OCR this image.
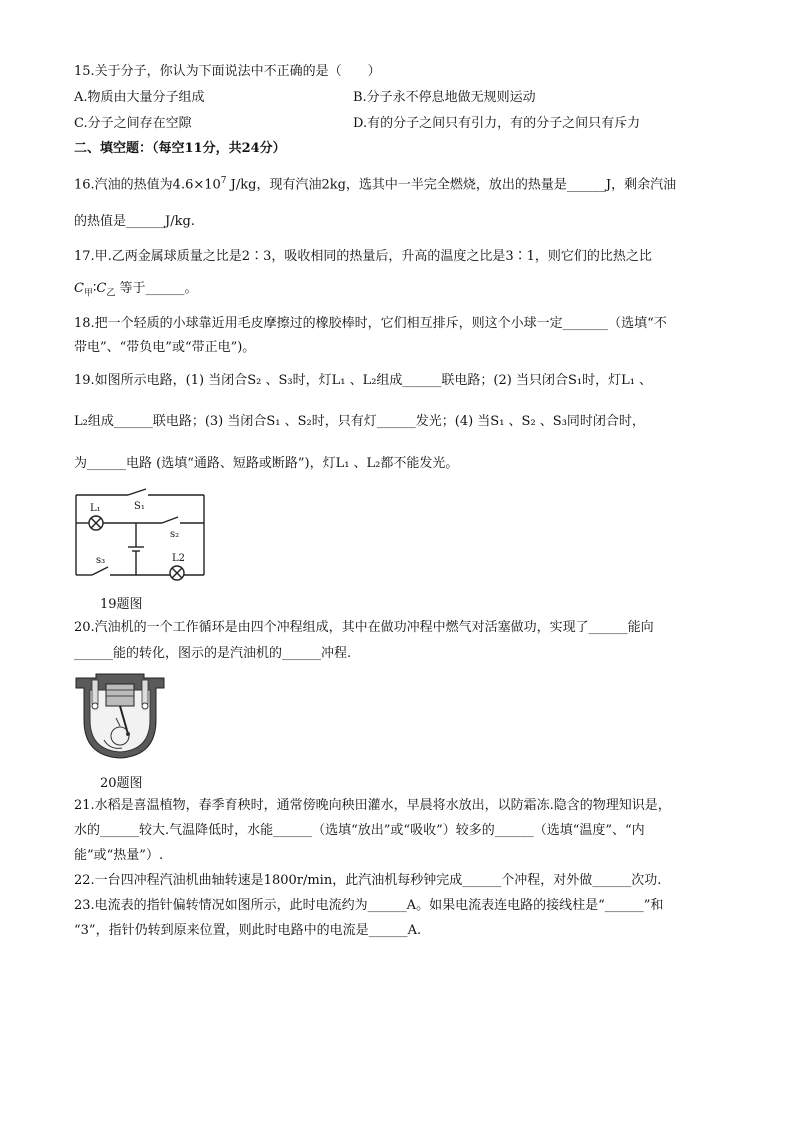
15.关于分子，你认为下面说法中不正确的是（　　）
A.物质由大量分子组成	B.分子永不停息地做无规则运动
C.分子之间存在空隙	D.有的分子之间只有引力，有的分子之间只有斥力
二、填空题：（每空11分，共24分）
16.汽油的热值为$4.6\times 10^7$ J/kg，现有汽油2kg，选其中一半完全燃烧，放出的热量是______J，剩余汽油
的热值是______J/kg.
17.甲.乙两金属球质量之比是2∶3，吸收相同的热量后，升高的温度之比是3∶1，则它们的比热之比
$C_甲∶C_乙$ 等于______。
18.把一个轻质的小球靠近用毛皮摩擦过的橡胶棒时，它们相互排斥，则这个小球一定_______（选填“不
带电”、“带负电”或“带正电”)。
19.如图所示电路，(1) 当闭合S₂ 、S₃时，灯L₁ 、L₂组成______联电路；(2) 当只闭合S₁时，灯L₁ 、
L₂组成______联电路；(3) 当闭合S₁ 、S₂时，只有灯______发光；(4) 当S₁ 、S₂ 、S₃同时闭合时，
为______电路 (选填“通路、短路或断路”)，灯L₁ 、L₂都不能发光。
L₁	S₁
s₂
s₃	L2
19题图
20.汽油机的一个工作循环是由四个冲程组成，其中在做功冲程中燃气对活塞做功，实现了______能向
______能的转化，图示的是汽油机的______冲程.
20题图
21.水稻是喜温植物，春季育秧时，通常傍晚向秧田灌水，早晨将水放出，以防霜冻.隐含的物理知识是，
水的______较大.气温降低时，水能______（选填“放出”或“吸收”）较多的______（选填“温度”、“内
能”或“热量”）.
22.一台四冲程汽油机曲轴转速是1800r/min，此汽油机每秒钟完成______个冲程，对外做______次功.
23.电流表的指针偏转情况如图所示，此时电流约为______A。如果电流表连电路的接线柱是“______”和
“3”，指针仍转到原来位置，则此时电路中的电流是______A.
